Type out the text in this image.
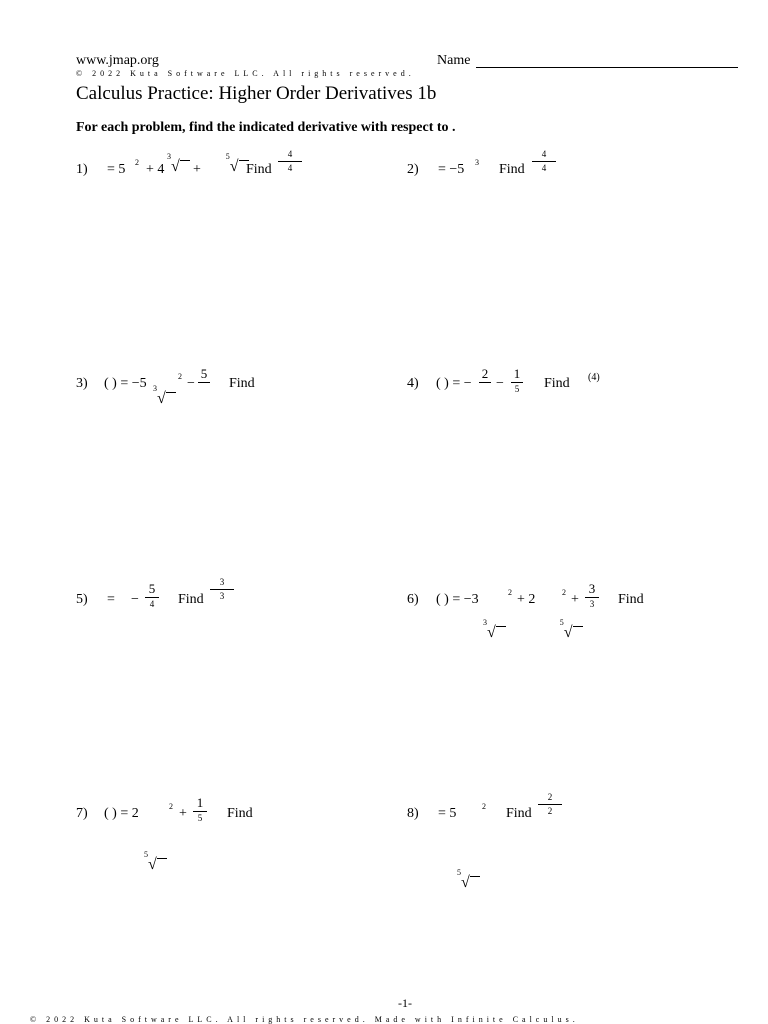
www.jmap.org	Name
© 2022 Kuta Software LLC. All rights reserved.
Calculus Practice: Higher Order Derivatives 1b
For each problem, find the indicated derivative with respect to .
1) = 5 2 + 4
3
√ +
5
√ Find
4
4	2) = −5 3 Find
4
4
3) ( ) = −5 3
√
2 −
5
Find	4) ( ) = −
2
−
1
5 Find (4)
5) = −
5
4	Find
3
3	6) ( ) = −3
3
√
2 + 2
5
√
2 +
3
3	Find
7) ( ) = 2
5
√
2 +
1
5	Find	8) = 5
5
√
2 Find
2
2
-1-
© 2022 Kuta Software LLC. All rights reserved. Made with Infinite Calculus.
